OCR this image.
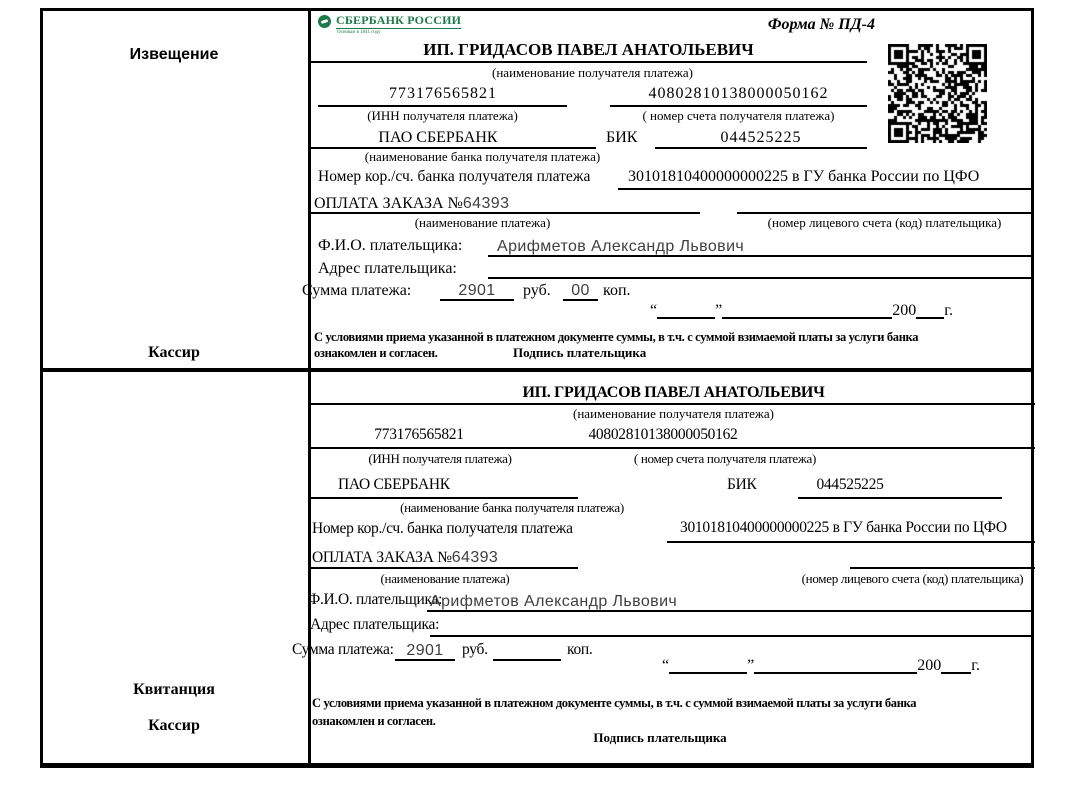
Извещение
Кассир
СБЕРБАНК РОССИИ
Основан в 1841 году	Форма № ПД-4
ИП. ГРИДАСОВ ПАВЕЛ АНАТОЛЬЕВИЧ
(наименование получателя платежа)
773176565821	40802810138000050162
(ИНН получателя платежа)	( номер счета получателя платежа)
ПАО СБЕРБАНК	БИК	044525225
(наименование банка получателя платежа)
Номер кор./сч. банка получателя платежа 30101810400000000225 в ГУ банка России по ЦФО
ОПЛАТА ЗАКАЗА №64393
(наименование платежа)	(номер лицевого счета (код) плательщика)
Ф.И.О. плательщика: Арифметов Александр Львович
Адрес плательщика:
Сумма платежа:	2901	руб.	00 коп.
“	”	200 г.
С условиями приема указанной в платежном документе суммы, в т.ч. с суммой взимаемой платы за услуги банка
ознакомлен и согласен.	Подпись плательщика
Квитанция
Кассир
ИП. ГРИДАСОВ ПАВЕЛ АНАТОЛЬЕВИЧ
(наименование получателя платежа)
773176565821	40802810138000050162
(ИНН получателя платежа)	( номер счета получателя платежа)
ПАО СБЕРБАНК	БИК	044525225
(наименование банка получателя платежа)
Номер кор./сч. банка получателя платежа	30101810400000000225 в ГУ банка России по ЦФО
ОПЛАТА ЗАКАЗА №64393
(наименование платежа)	(номер лицевого счета (код) плательщика)
Ф.И.О. плательщика:
Арифметов Александр Львович
Адрес плательщика:
Сумма платежа: 2901	руб.	коп.
“	”	200 г.
С условиями приема указанной в платежном документе суммы, в т.ч. с суммой взимаемой платы за услуги банка
ознакомлен и согласен.
Подпись плательщика
